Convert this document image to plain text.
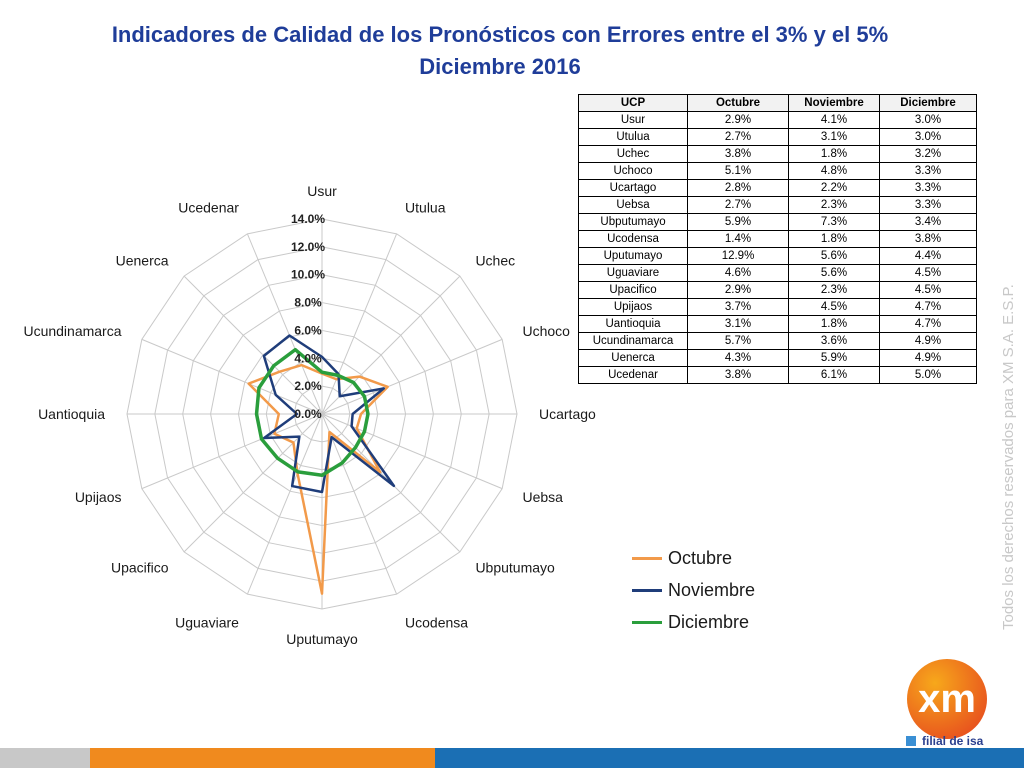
Indicadores de Calidad de los Pronósticos con Errores entre el 3% y el 5%
Diciembre 2016
0.0%
2.0%
4.0%
6.0%
8.0%
10.0%
12.0%
14.0%
Usur
Utulua
Uchec
Uchoco
Ucartago
Uebsa
Ubputumayo
Ucodensa
Uputumayo
Uguaviare
Upacifico
Upijaos
Uantioquia
Ucundinamarca
Uenerca
Ucedenar
UCP	Octubre	Noviembre	Diciembre
Usur	2.9%	4.1%	3.0%
Utulua	2.7%	3.1%	3.0%
Uchec	3.8%	1.8%	3.2%
Uchoco	5.1%	4.8%	3.3%
Ucartago	2.8%	2.2%	3.3%
Uebsa	2.7%	2.3%	3.3%
Ubputumayo	5.9%	7.3%	3.4%
Ucodensa	1.4%	1.8%	3.8%
Uputumayo	12.9%	5.6%	4.4%
Uguaviare	4.6%	5.6%	4.5%
Upacifico	2.9%	2.3%	4.5%
Upijaos	3.7%	4.5%	4.7%
Uantioquia	3.1%	1.8%	4.7%
Ucundinamarca	5.7%	3.6%	4.9%
Uenerca	4.3%	5.9%	4.9%
Ucedenar	3.8%	6.1%	5.0%
Octubre
Noviembre
Diciembre	Todos los derechos reservados para XM S.A. E.S.P.
xm
filial de isa
